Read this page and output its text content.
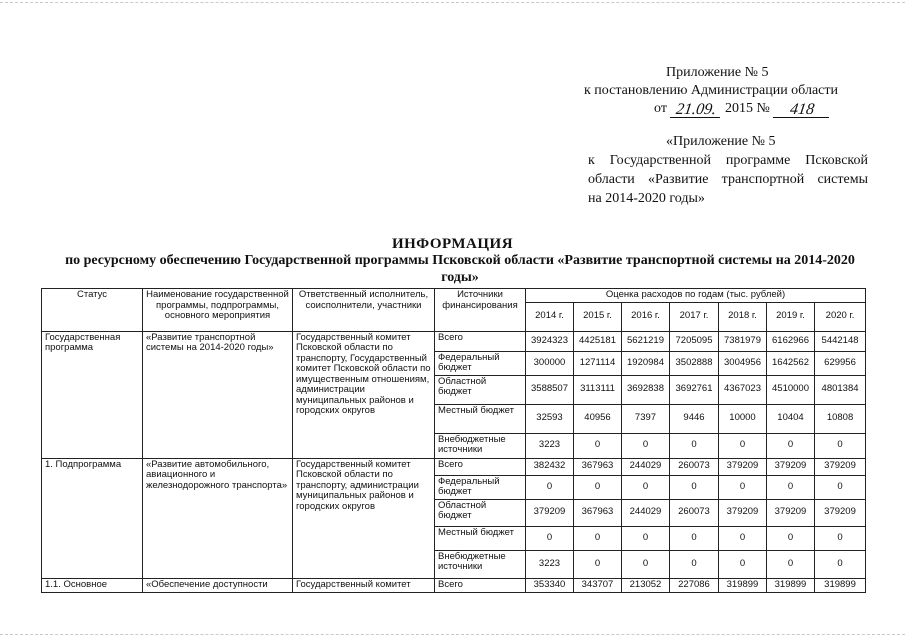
Приложение № 5
к постановлению Администрации области
от 21.09. 2015 №	418
«Приложение № 5
к Государственной программе Псковской
области «Развитие транспортной системы
на 2014-2020 годы»
ИНФОРМАЦИЯ
по ресурсному обеспечению Государственной программы Псковской области «Развитие транспортной системы на 2014-2020 годы»
Статус	Наименование государственной программы, подпрограммы, основного мероприятия	Ответственный исполнитель, соисполнители, участники	Источники финансирования	Оценка расходов по годам (тыс. рублей)						
				2014 г.	2015 г.	2016 г.	2017 г.	2018 г.	2019 г.	2020 г.
Государственная программа	«Развитие транспортной системы на 2014-2020 годы»	Государственный комитет Псковской области по транспорту, Государственный комитет Псковской области по имущественным отношениям, администрации муниципальных районов и городских округов	Всего	3924323	4425181	5621219	7205095	7381979	6162966	5442148
			Федеральный бюджет	300000	1271114	1920984	3502888	3004956	1642562	629956
			Областной бюджет	3588507	3113111	3692838	3692761	4367023	4510000	4801384
			Местный бюджет	32593	40956	7397	9446	10000	10404	10808
			Внебюджетные источники	3223	0	0	0	0	0	0
1. Подпрограмма	«Развитие автомобильного, авиационного и железнодорожного транспорта»	Государственный комитет Псковской области по транспорту, администрации муниципальных районов и городских округов	Всего	382432	367963	244029	260073	379209	379209	379209
			Федеральный бюджет	0	0	0	0	0	0	0
			Областной бюджет	379209	367963	244029	260073	379209	379209	379209
			Местный бюджет	0	0	0	0	0	0	0
			Внебюджетные источники	3223	0	0	0	0	0	0
1.1. Основное	«Обеспечение доступности	Государственный комитет	Всего	353340	343707	213052	227086	319899	319899	319899
